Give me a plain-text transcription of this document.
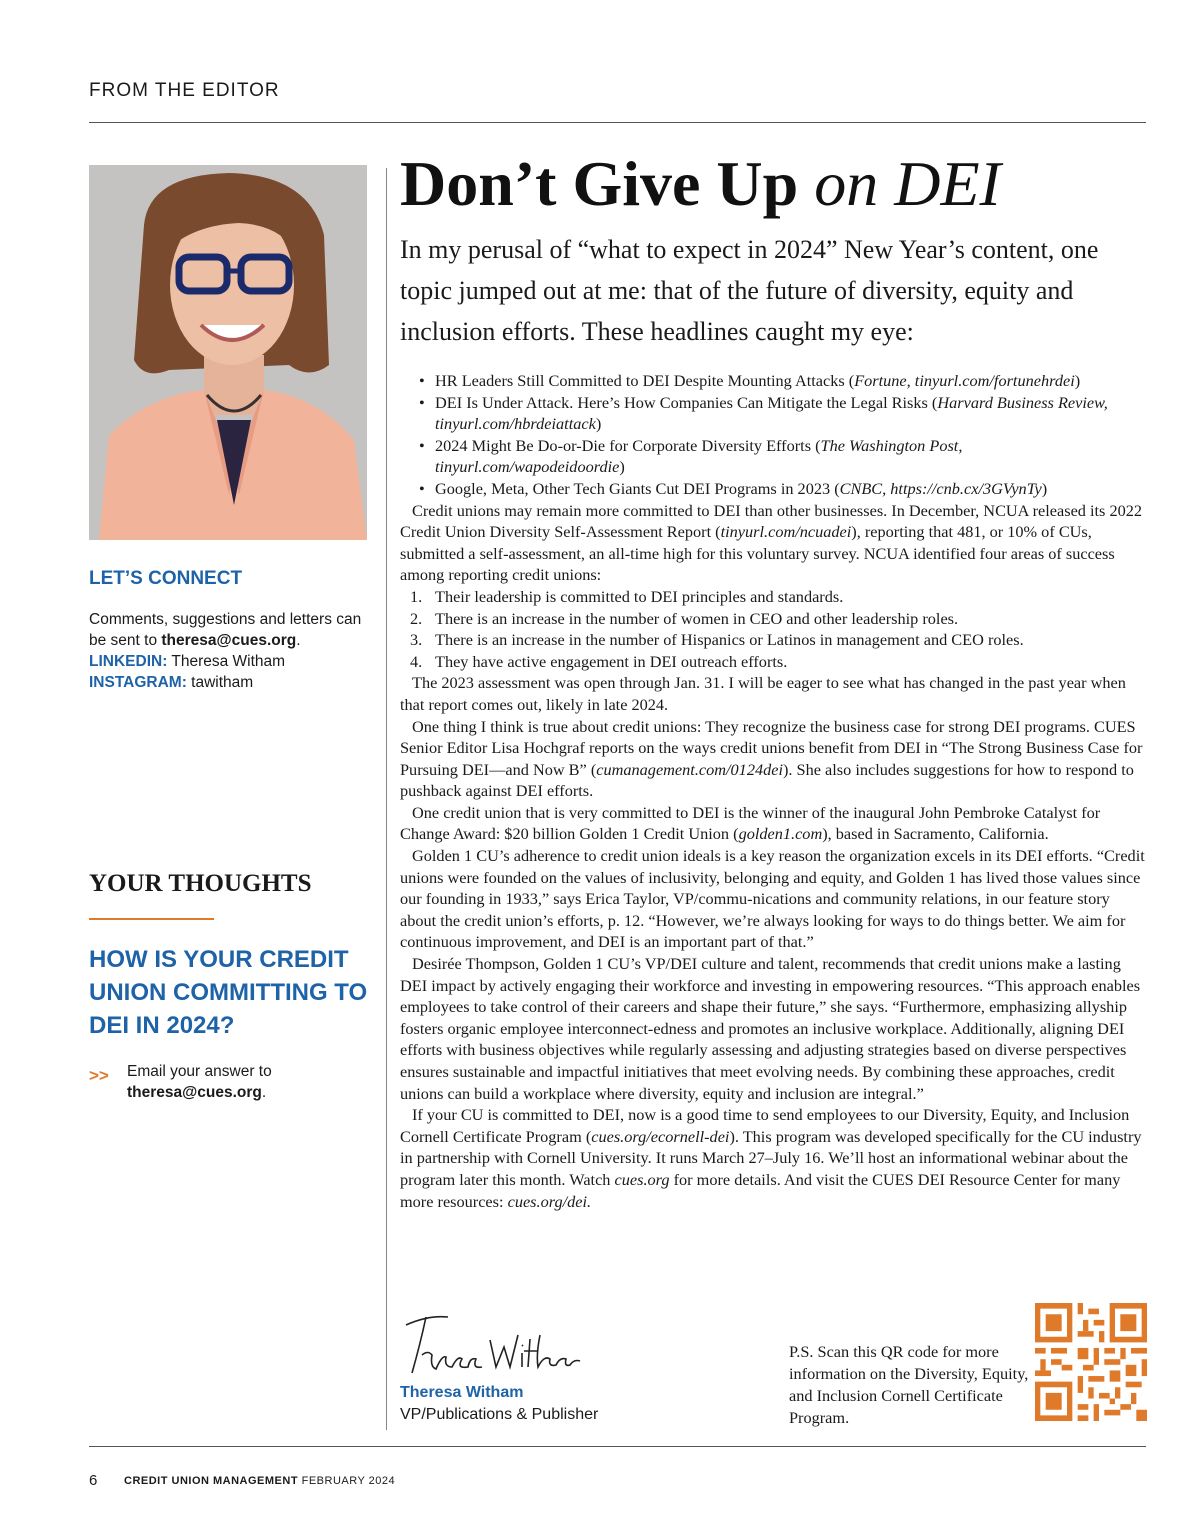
FROM THE EDITOR
LET’S CONNECT
Comments, suggestions and letters can be sent to theresa@cues.org.
LINKEDIN: Theresa Witham
INSTAGRAM: tawitham
YOUR THOUGHTS
HOW IS YOUR CREDIT UNION COMMITTING TO DEI IN 2024?
>> Email your answer to
theresa@cues.org.
Don’t Give Up on DEI
In my perusal of “what to expect in 2024” New Year’s content, one topic jumped out at me: that of the future of diversity, equity and inclusion efforts. These headlines caught my eye:
• HR Leaders Still Committed to DEI Despite Mounting Attacks (Fortune, tinyurl.com/fortunehrdei)
• DEI Is Under Attack. Here’s How Companies Can Mitigate the Legal Risks (Harvard Business Review, tinyurl.com/hbrdeiattack)
• 2024 Might Be Do-or-Die for Corporate Diversity Efforts (The Washington Post, tinyurl.com/wapodeidoordie)
• Google, Meta, Other Tech Giants Cut DEI Programs in 2023 (CNBC, https://cnb.cx/3GVynTy)

Credit unions may remain more committed to DEI than other businesses. In December, NCUA released its 2022 Credit Union Diversity Self-Assessment Report (tinyurl.com/ncuadei), reporting that 481, or 10% of CUs, submitted a self-assessment, an all-time high for this voluntary survey. NCUA identified four areas of success among reporting credit unions:

1. Their leadership is committed to DEI principles and standards.
2. There is an increase in the number of women in CEO and other leadership roles.
3. There is an increase in the number of Hispanics or Latinos in management and CEO roles.
4. They have active engagement in DEI outreach efforts.

The 2023 assessment was open through Jan. 31. I will be eager to see what has changed in the past year when that report comes out, likely in late 2024.

One thing I think is true about credit unions: They recognize the business case for strong DEI programs. CUES Senior Editor Lisa Hochgraf reports on the ways credit unions benefit from DEI in “The Strong Business Case for Pursuing DEI—and Now B” (cumanagement.com/0124dei). She also includes suggestions for how to respond to pushback against DEI efforts.

One credit union that is very committed to DEI is the winner of the inaugural John Pembroke Catalyst for Change Award: $20 billion Golden 1 Credit Union (golden1.com), based in Sacramento, California.

Golden 1 CU’s adherence to credit union ideals is a key reason the organization excels in its DEI efforts. “Credit unions were founded on the values of inclusivity, belonging and equity, and Golden 1 has lived those values since our founding in 1933,” says Erica Taylor, VP/commu-nications and community relations, in our feature story about the credit union’s efforts, p. 12. “However, we’re always looking for ways to do things better. We aim for continuous improvement, and DEI is an important part of that.”

Desirée Thompson, Golden 1 CU’s VP/DEI culture and talent, recommends that credit unions make a lasting DEI impact by actively engaging their workforce and investing in empowering resources. “This approach enables employees to take control of their careers and shape their future,” she says. “Furthermore, emphasizing allyship fosters organic employee interconnect-edness and promotes an inclusive workplace. Additionally, aligning DEI efforts with business objectives while regularly assessing and adjusting strategies based on diverse perspectives ensures sustainable and impactful initiatives that meet evolving needs. By combining these approaches, credit unions can build a workplace where diversity, equity and inclusion are integral.”

If your CU is committed to DEI, now is a good time to send employees to our Diversity, Equity, and Inclusion Cornell Certificate Program (cues.org/ecornell-dei). This program was developed specifically for the CU industry in partnership with Cornell University. It runs March 27–July 16. We’ll host an informational webinar about the program later this month. Watch cues.org for more details. And visit the CUES DEI Resource Center for many more resources: cues.org/dei.

Theresa Witham
VP/Publications & Publisher
P.S. Scan this QR code for more information on the Diversity, Equity, and Inclusion Cornell Certificate Program.
6 CREDIT UNION MANAGEMENT FEBRUARY 2024
